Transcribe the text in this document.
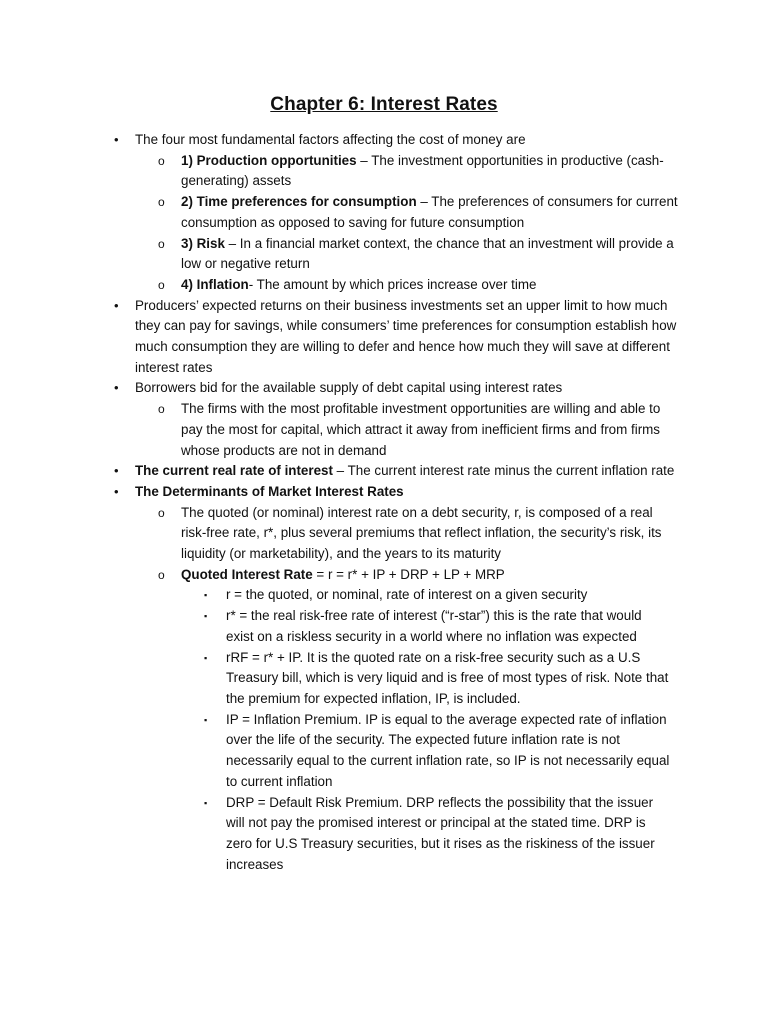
Chapter 6: Interest Rates
• The four most fundamental factors affecting the cost of money are
o 1) Production opportunities – The investment opportunities in productive (cash-generating) assets
o 2) Time preferences for consumption – The preferences of consumers for current consumption as opposed to saving for future consumption
o 3) Risk – In a financial market context, the chance that an investment will provide a low or negative return
o 4) Inflation- The amount by which prices increase over time
• Producers’ expected returns on their business investments set an upper limit to how much they can pay for savings, while consumers’ time preferences for consumption establish how much consumption they are willing to defer and hence how much they will save at different interest rates
• Borrowers bid for the available supply of debt capital using interest rates
o The firms with the most profitable investment opportunities are willing and able to pay the most for capital, which attract it away from inefficient firms and from firms whose products are not in demand
• The current real rate of interest – The current interest rate minus the current inflation rate
• The Determinants of Market Interest Rates
o The quoted (or nominal) interest rate on a debt security, r, is composed of a real risk-free rate, r*, plus several premiums that reflect inflation, the security’s risk, its liquidity (or marketability), and the years to its maturity
o Quoted Interest Rate = r = r* + IP + DRP + LP + MRP
▪ r = the quoted, or nominal, rate of interest on a given security
▪ r* = the real risk-free rate of interest (“r-star”) this is the rate that would exist on a riskless security in a world where no inflation was expected
▪ rRF = r* + IP. It is the quoted rate on a risk-free security such as a U.S Treasury bill, which is very liquid and is free of most types of risk. Note that the premium for expected inflation, IP, is included.
▪ IP = Inflation Premium. IP is equal to the average expected rate of inflation over the life of the security. The expected future inflation rate is not necessarily equal to the current inflation rate, so IP is not necessarily equal to current inflation
▪ DRP = Default Risk Premium. DRP reflects the possibility that the issuer will not pay the promised interest or principal at the stated time. DRP is zero for U.S Treasury securities, but it rises as the riskiness of the issuer increases
